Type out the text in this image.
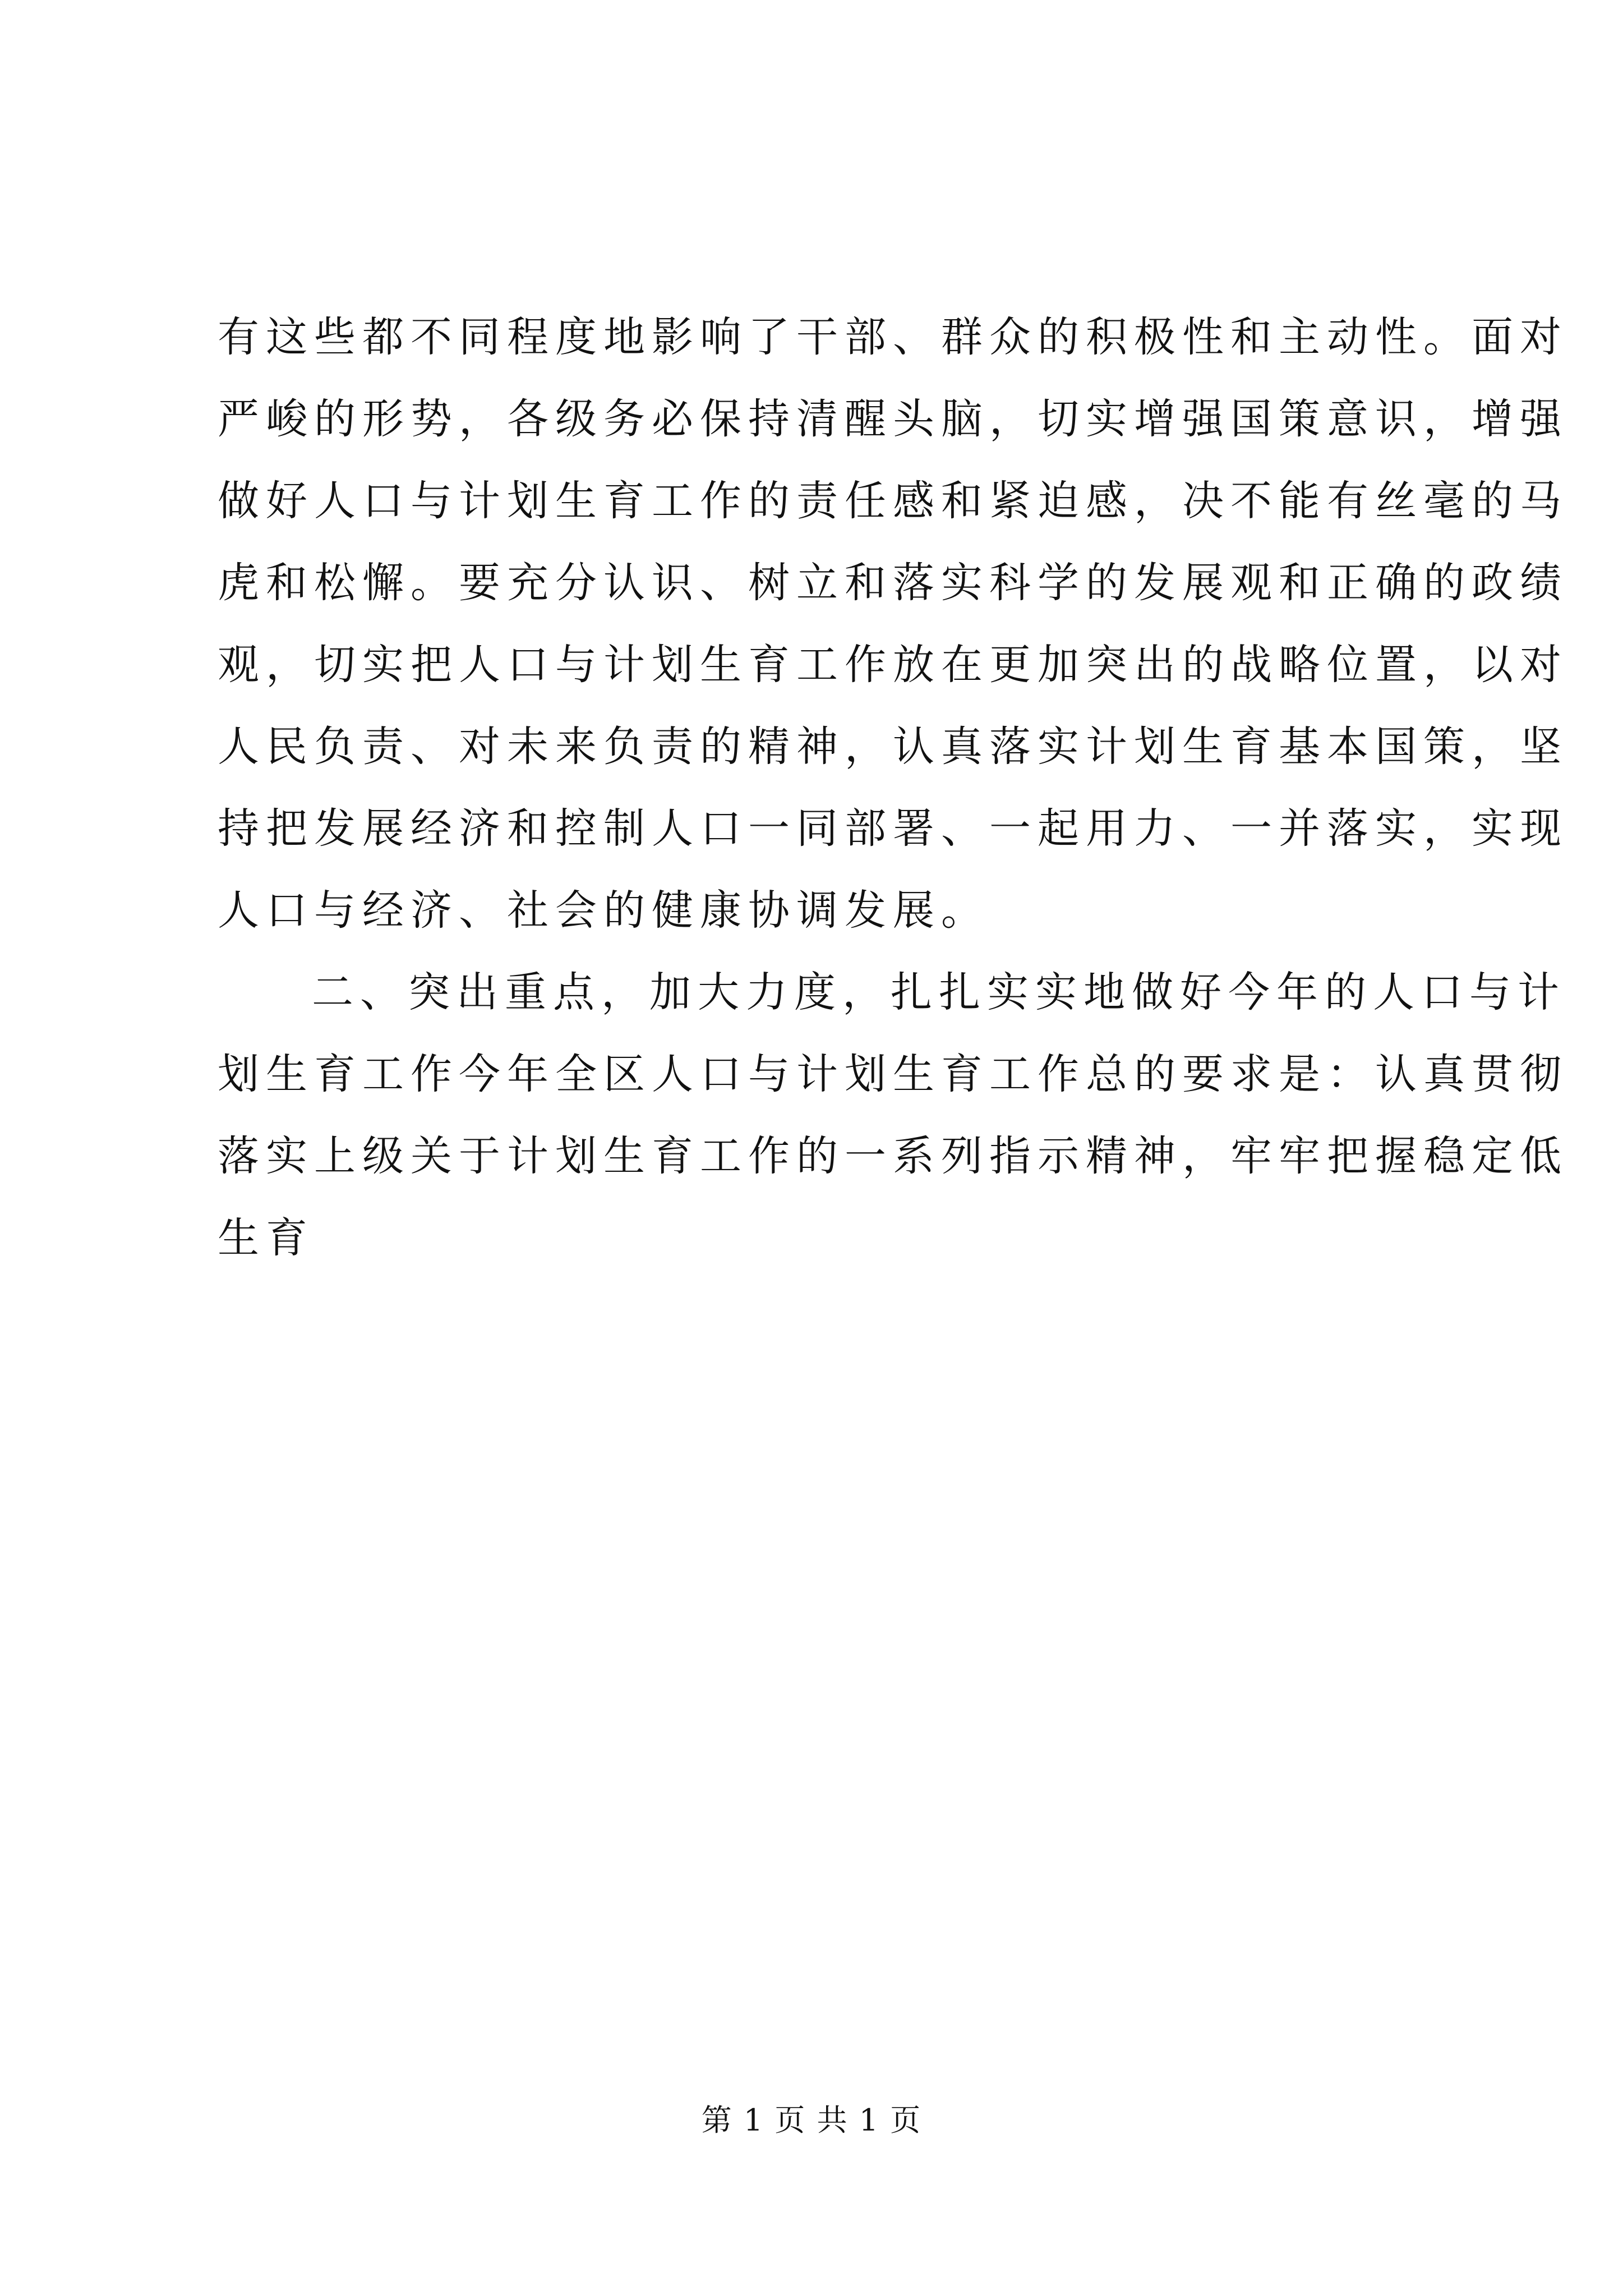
有这些都不同程度地影响了干部、群众的积极性和主动性。面对
严峻的形势，各级务必保持清醒头脑，切实增强国策意识，增强
做好人口与计划生育工作的责任感和紧迫感，决不能有丝毫的马
虎和松懈。要充分认识、树立和落实科学的发展观和正确的政绩
观，切实把人口与计划生育工作放在更加突出的战略位置，以对
人民负责、对未来负责的精神，认真落实计划生育基本国策，坚
持把发展经济和控制人口一同部署、一起用力、一并落实，实现
人口与经济、社会的健康协调发展。
二、突出重点，加大力度，扎扎实实地做好今年的人口与计
划生育工作今年全区人口与计划生育工作总的要求是：认真贯彻
落实上级关于计划生育工作的一系列指示精神，牢牢把握稳定低
生育
第 1 页 共 1 页
